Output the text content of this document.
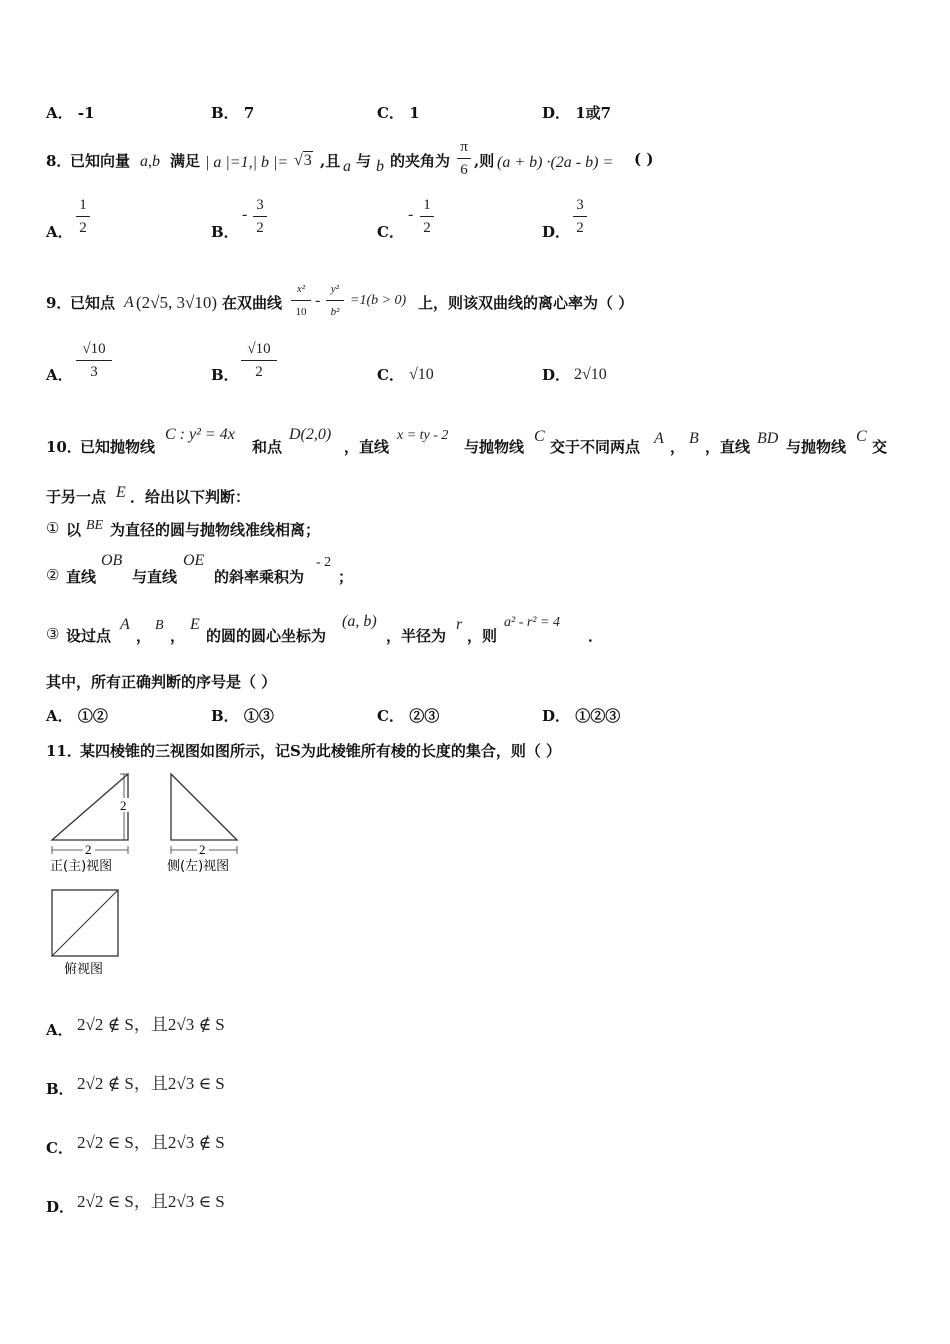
A． -1	B． 7	C． 1	D． 1或7
8．
已知向量 a,b 满足 | a |=1,| b |= √3 ,且 a 与 b 的夹角为
π
6 ,则 (a + b) ·(2a - b) = ( )
A．
1
2	B．
-
3
2	C．
-
1
2	D．
3
2
9．
已知点 A (2√5, 3√10) 在双曲线
x²
10
-
y²
b²
=1(b > 0) 上，则该双曲线的离心率为（ ）
A．
√10
3	B．
√10
2	C． √10	D． 2√10
10．
已知抛物线
C : y² = 4x
和点
D(2,0)
，直线
x = ty - 2
与抛物线
C
交于不同两点 A ， B ，直线 BD 与抛物线
C
交
于另一点 E ．给出以下判断：
① 以 BE 为直径的圆与抛物线准线相离；
② 直线
OB
与直线
OE
的斜率乘积为
- 2
；
③ 设过点
A
，
B
，
E
的圆的圆心坐标为
(a, b)
，半径为
r
，则
a² - r² = 4
．
其中，所有正确判断的序号是（ ）
A． ①②	B． ①③	C． ②③	D． ①②③
11．
某四棱锥的三视图如图所示，记S为此棱锥所有棱的长度的集合，则（ ）
2
2
正(主)视图
2
侧(左)视图
俯视图
A． 2√2 ∉ S，且2√3 ∉ S
B． 2√2 ∉ S，且2√3 ∈ S
C． 2√2 ∈ S，且2√3 ∉ S
D． 2√2 ∈ S，且2√3 ∈ S
